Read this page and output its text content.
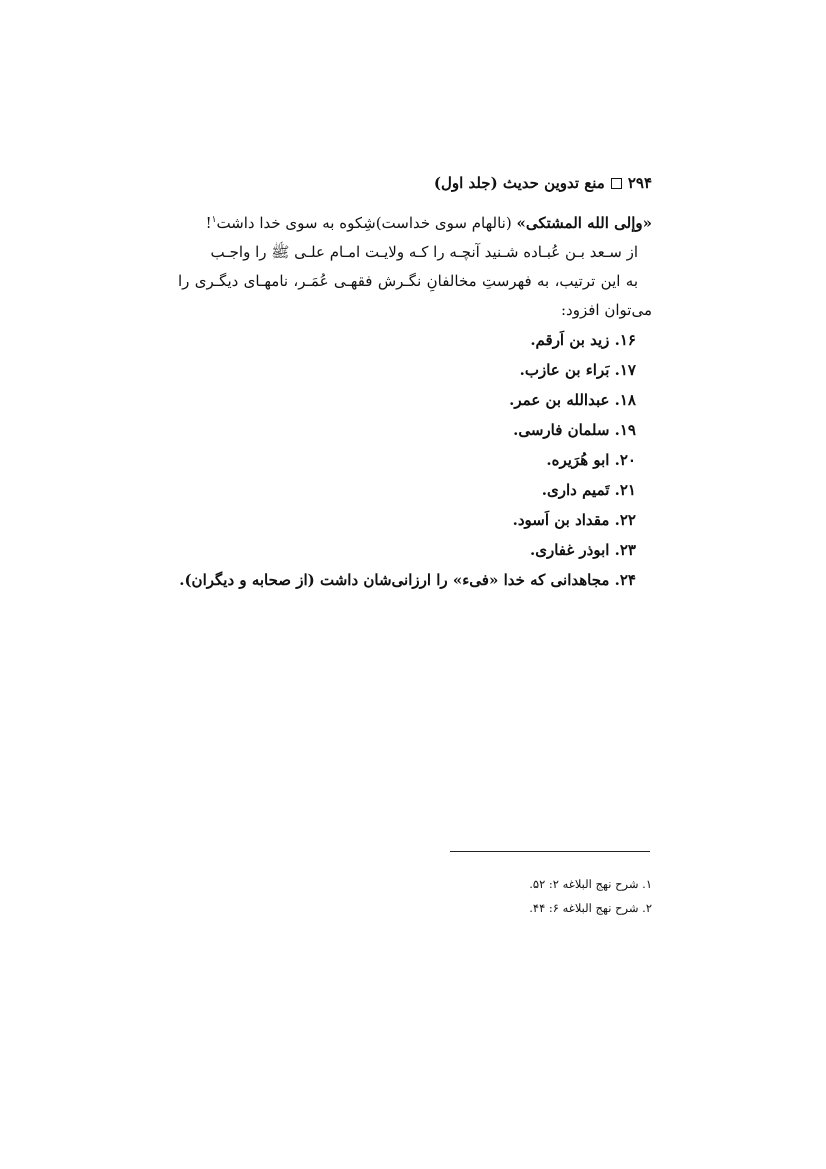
۲۹۴
منع تدوین حدیث (جلد اول)

«وإلی الله المشتکی» (نالهام سوی خداست)شِکوه به سوی خدا داشت$^۱$!

از سـعد بـن عُبـاده شـنید آنچـه را کـه ولایـت امـام علـی ﷺ را واجـب

به این ترتیب، به فهرستِ مخالفانِ نگـرش فقهـی عُمَـر، نامهـای دیگـری را می‌توان افزود:

۱۶. زید بن اَرقم.
۱۷. بَراء بن عازب.
۱۸. عبدالله بن عمر.
۱۹. سلمان فارسی.
۲۰. ابو هُرَیره.
۲۱. تَمیم داری.
۲۲. مقداد بن اَسود.
۲۳. ابوذر غفاری.
۲۴. مجاهدانی که خدا «فیء» را ارزانی‌شان داشت (از صحابه و دیگران).
۱. شرح نهج البلاغه ۲: ۵۲.
۲. شرح نهج البلاغه ۶: ۴۴.
